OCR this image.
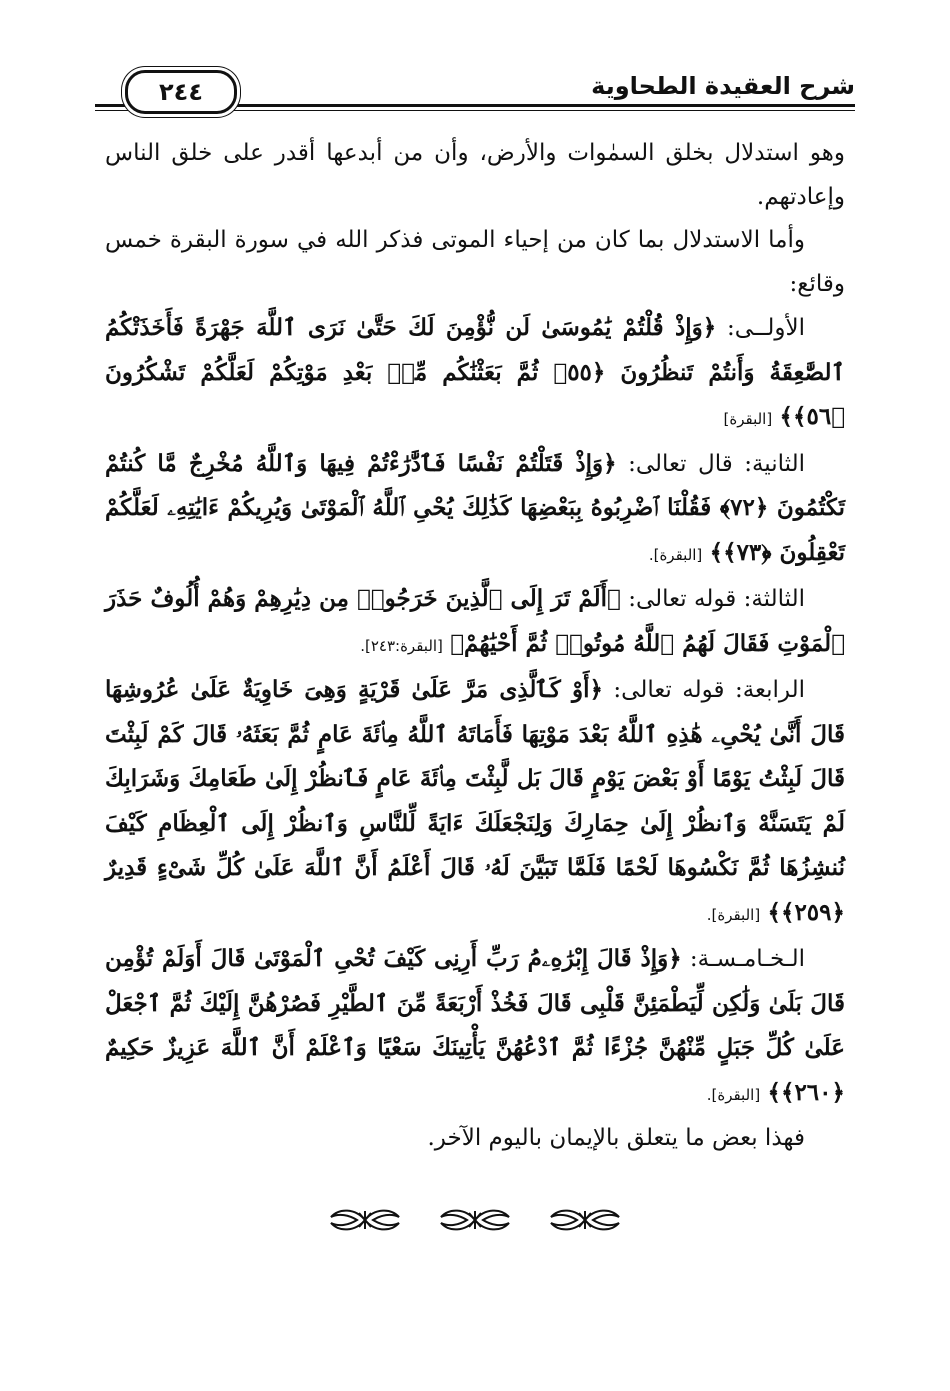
شرح العقيدة الطحاوية
٢٤٤

وهو استدلال بخلق السمٰوات والأرض، وأن من أبدعها أقدر على خلق الناس وإعادتهم.

وأما الاستدلال بما كان من إحياء الموتى فذكر الله في سورة البقرة خمس وقائع:

الأولــى: ﴿وَإِذْ قُلْتُمْ يَٰمُوسَىٰ لَن نُّؤْمِنَ لَكَ حَتَّىٰ نَرَى ٱللَّهَ جَهْرَةً فَأَخَذَتْكُمُ ٱلصَّٰعِقَةُ وَأَنتُمْ تَنظُرُونَ ﴿٥٥﴾ ثُمَّ بَعَثْنَٰكُم مِّنۢ بَعْدِ مَوْتِكُمْ لَعَلَّكُمْ تَشْكُرُونَ ﴿٥٦﴾﴾ [البقرة]

الثانية: قال تعالى: ﴿وَإِذْ قَتَلْتُمْ نَفْسًا فَٱدَّٰرَٰءْتُمْ فِيهَا وَٱللَّهُ مُخْرِجٌ مَّا كُنتُمْ تَكْتُمُونَ ﴿٧٢﴾ فَقُلْنَا ٱضْرِبُوهُ بِبَعْضِهَا كَذَٰلِكَ يُحْىِ ٱللَّهُ ٱلْمَوْتَىٰ وَيُرِيكُمْ ءَايَٰتِهِۦ لَعَلَّكُمْ تَعْقِلُونَ ﴿٧٣﴾﴾ [البقرة].

الثالثة: قوله تعالى: ﴿أَلَمْ تَرَ إِلَى ٱلَّذِينَ خَرَجُوا۟ مِن دِيَٰرِهِمْ وَهُمْ أُلُوفٌ حَذَرَ ٱلْمَوْتِ فَقَالَ لَهُمُ ٱللَّهُ مُوتُوا۟ ثُمَّ أَحْيَٰهُمْ﴾ [البقرة:٢٤٣].

الرابعة: قوله تعالى: ﴿أَوْ كَٱلَّذِى مَرَّ عَلَىٰ قَرْيَةٍ وَهِىَ خَاوِيَةٌ عَلَىٰ عُرُوشِهَا قَالَ أَنَّىٰ يُحْىِۦ هَٰذِهِ ٱللَّهُ بَعْدَ مَوْتِهَا فَأَمَاتَهُ ٱللَّهُ مِا۟ئَةَ عَامٍ ثُمَّ بَعَثَهُۥ قَالَ كَمْ لَبِثْتَ قَالَ لَبِثْتُ يَوْمًا أَوْ بَعْضَ يَوْمٍ قَالَ بَل لَّبِثْتَ مِا۟ئَةَ عَامٍ فَٱنظُرْ إِلَىٰ طَعَامِكَ وَشَرَابِكَ لَمْ يَتَسَنَّهْ وَٱنظُرْ إِلَىٰ حِمَارِكَ وَلِنَجْعَلَكَ ءَايَةً لِّلنَّاسِ وَٱنظُرْ إِلَى ٱلْعِظَامِ كَيْفَ نُنشِزُهَا ثُمَّ نَكْسُوهَا لَحْمًا فَلَمَّا تَبَيَّنَ لَهُۥ قَالَ أَعْلَمُ أَنَّ ٱللَّهَ عَلَىٰ كُلِّ شَىْءٍ قَدِيرٌ ﴿٢٥٩﴾﴾ [البقرة].

الـخـامـسـة: ﴿وَإِذْ قَالَ إِبْرَٰهِۦمُ رَبِّ أَرِنِى كَيْفَ تُحْىِ ٱلْمَوْتَىٰ قَالَ أَوَلَمْ تُؤْمِن قَالَ بَلَىٰ وَلَٰكِن لِّيَطْمَئِنَّ قَلْبِى قَالَ فَخُذْ أَرْبَعَةً مِّنَ ٱلطَّيْرِ فَصُرْهُنَّ إِلَيْكَ ثُمَّ ٱجْعَلْ عَلَىٰ كُلِّ جَبَلٍ مِّنْهُنَّ جُزْءًا ثُمَّ ٱدْعُهُنَّ يَأْتِينَكَ سَعْيًا وَٱعْلَمْ أَنَّ ٱللَّهَ عَزِيزٌ حَكِيمٌ ﴿٢٦٠﴾﴾ [البقرة].

فهذا بعض ما يتعلق بالإيمان باليوم الآخر.
